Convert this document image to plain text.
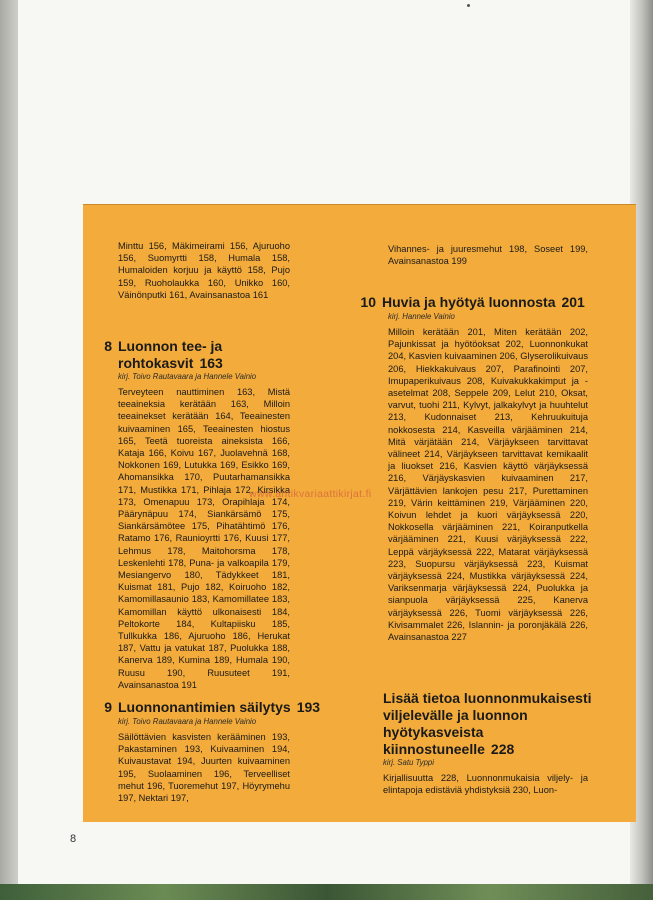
Minttu 156, Mäkimeirami 156, Ajuruoho 156, Suomyrtti 158, Humala 158, Humaloiden korjuu ja käyttö 158, Pujo 159, Ruoholaukka 160, Unikko 160, Väinönputki 161, Avainsanastoa 161

8 Luonnon tee- ja
rohtokasvit 163
kirj. Toivo Rautavaara ja Hannele Vainio

Terveyteen nauttiminen 163, Mistä teeaineksia kerätään 163, Milloin teeainekset kerätään 164, Teeainesten kuivaaminen 165, Teeainesten hiostus 165, Teetä tuoreista aineksista 166, Kataja 166, Koivu 167, Juolavehnä 168, Nokkonen 169, Lutukka 169, Esikko 169, Ahomansikka 170, Puutarhamansikka 171, Mustikka 171, Pihlaja 172, Kirsikka 173, Omenapuu 173, Orapihlaja 174, Pääryпäpuu 174, Siankärsämö 175, Siankärsämötee 175, Pihatähtimö 176, Ratamo 176, Raunioyrtti 176, Kuusi 177, Lehmus 178, Maitohorsma 178, Leskenlehti 178, Puna- ja valkoapila 179, Mesiangervo 180, Tädykkeet 181, Kuismat 181, Pujo 182, Koiruoho 182, Kamomillasaunio 183, Kamomillatee 183, Kamomillan käyttö ulkonaisesti 184, Peltokorte 184, Kultapiisku 185, Tullkukka 186, Ajuruoho 186, Herukat 187, Vattu ja vatukat 187, Puolukka 188, Kanerva 189, Kumina 189, Humala 190, Ruusu 190, Ruusuteet 191, Avainsanastoa 191

9 Luonnonantimien säilytys 193
kirj. Toivo Rautavaara ja Hannele Vainio

Säilöttävien kasvisten kerääminen 193, Pakastaminen 193, Kuivaaminen 194, Kuivaustavat 194, Juurten kuivaaminen 195, Suolaaminen 196, Terveelliset mehut 196, Tuoremehut 197, Höyrymehu 197, Nektari 197,

Vihannes- ja juuresmehut 198, Soseet 199, Avainsanastoa 199

10 Huvia ja hyötyä luonnosta 201
kirj. Hannele Vainio

Milloin kerätään 201, Miten kerätään 202, Pajunkissat ja hyötöoksat 202, Luonnonkukat 204, Kasvien kuivaaminen 206, Glyserolikuivaus 206, Hiekkakuivaus 207, Parafinointi 207, Imupaperikuivaus 208, Kuivakukkakimput ja -asetelmat 208, Seppele 209, Lelut 210, Oksat, varvut, tuohi 211, Kylvyt, jalkakylvyt ja huuhtelut 213, Kudonnaiset 213, Kehruukuituja nokkosesta 214, Kasveilla värjääminen 214, Mitä värjätään 214, Värjäykseen tarvittavat välineet 214, Värjäykseen tarvittavat kemikaalit ja liuokset 216, Kasvien käyttö värjäyksessä 216, Värjäyskasvien kuivaaminen 217, Värjättävien lankojen pesu 217, Purettaminen 219, Värin keittäminen 219, Värjääminen 220, Koivun lehdet ja kuori värjäyksessä 220, Nokkosella värjääminen 221, Koiranputkella värjääminen 221, Kuusi värjäyksessä 222, Leppä värjäyksessä 222, Matarat värjäyksessä 223, Suopursu värjäyksessä 223, Kuismat värjäyksessä 224, Mustikka värjäyksessä 224, Variksenmarja värjäyksessä 224, Puolukka ja sianpuola värjäyksessä 225, Kanerva värjäyksessä 226, Tuomi värjäyksessä 226, Kivisammalet 226, Islannin- ja poronjäkälä 226, Avainsanastoa 227

Lisää tietoa luonnonmukaisesti
viljelevälle ja luonnon
hyötykasveista
kiinnostuneelle 228
kirj. Satu Typpi

Kirjallisuutta 228, Luonnonmukaisia viljely- ja elintapoja edistäviä yhdistyksiä 230, Luon-

www.antikvariaattikirjat.fi
8
